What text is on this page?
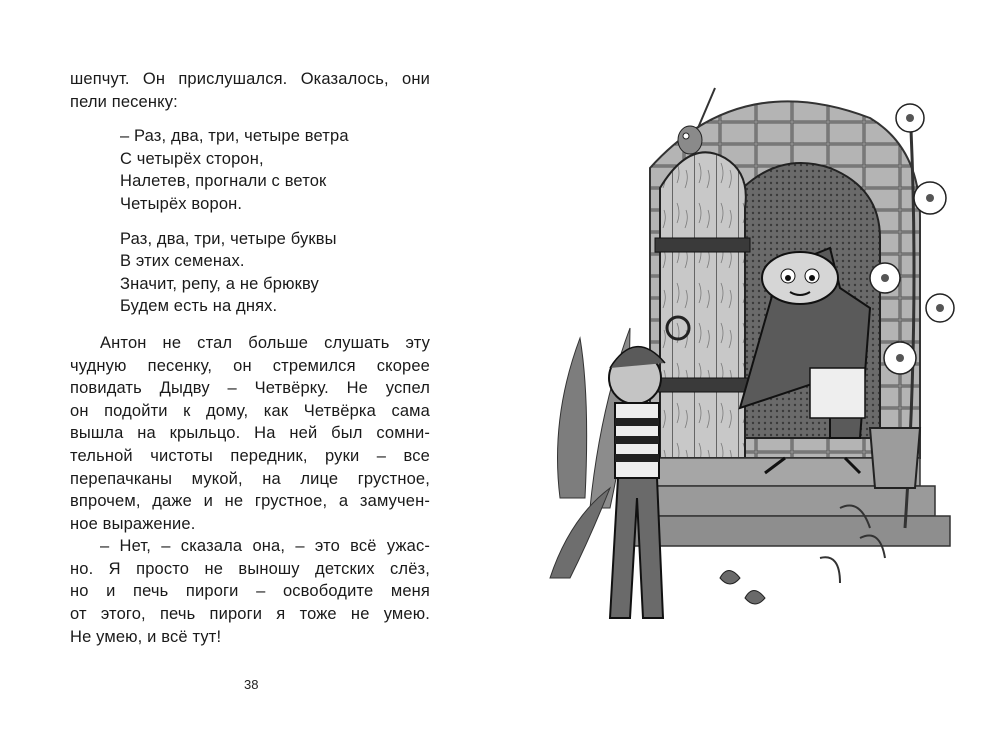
шепчут. Он прислушался. Оказалось, они
пели песенку:
– Раз, два, три, четыре ветра
С четырёх сторон,
Налетев, прогнали с веток
Четырёх ворон.
Раз, два, три, четыре буквы
В этих семенах.
Значит, репу, а не брюкву
Будем есть на днях.
Антон не стал больше слушать эту
чудную песенку, он стремился скорее
повидать Дыдву – Четвёрку. Не успел
он подойти к дому, как Четвёрка сама
вышла на крыльцо. На ней был сомни-
тельной чистоты передник, руки – все
перепачканы мукой, на лице грустное,
впрочем, даже и не грустное, а замучен-
ное выражение.
– Нет, – сказала она, – это всё ужас-
но. Я просто не выношу детских слёз,
но и печь пироги – освободите меня
от этого, печь пироги я тоже не умею.
Не умею, и всё тут!
38
